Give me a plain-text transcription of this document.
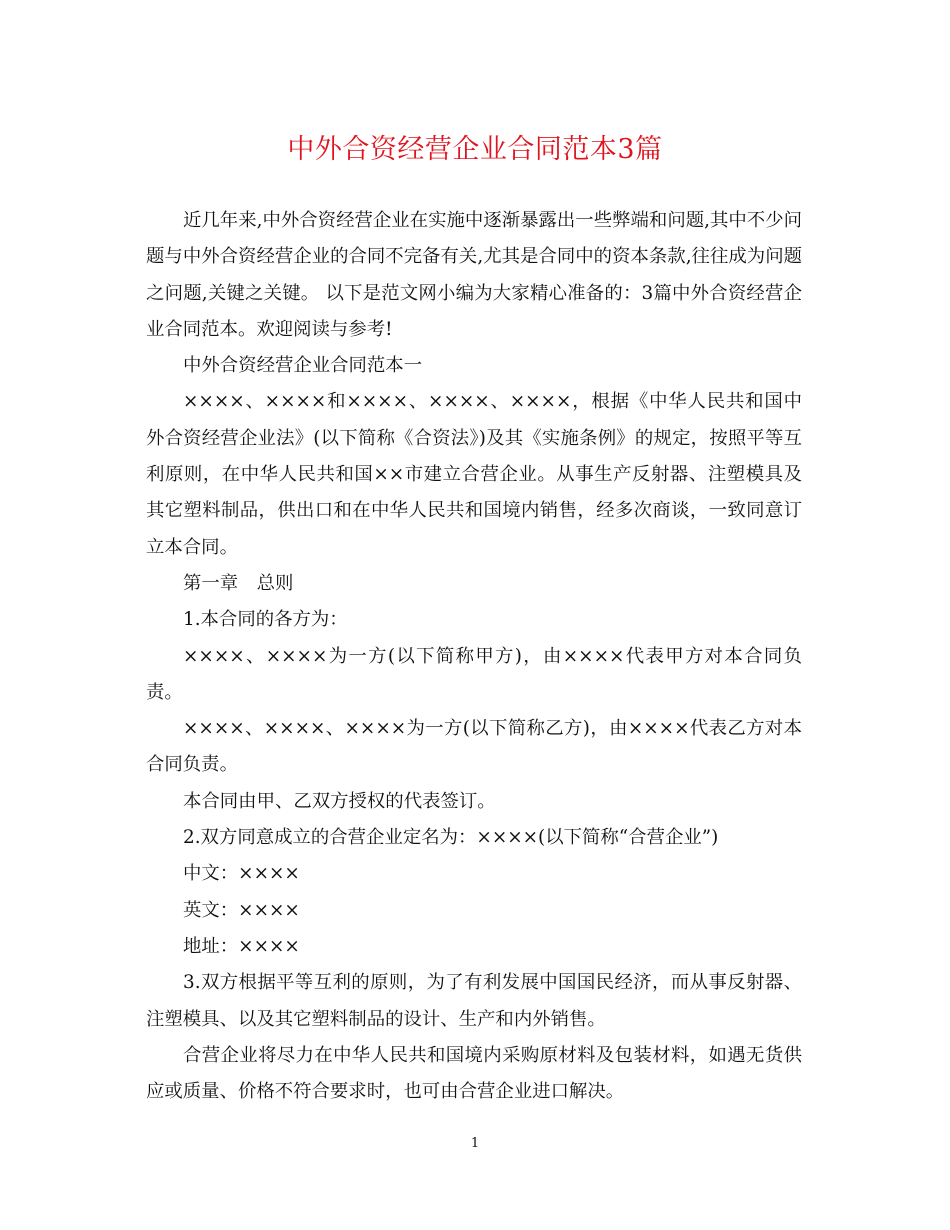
中外合资经营企业合同范本3篇

近几年来,中外合资经营企业在实施中逐渐暴露出一些弊端和问题,其中不少问题与中外合资经营企业的合同不完备有关,尤其是合同中的资本条款,往往成为问题之问题,关键之关键。 以下是范文网小编为大家精心准备的：3篇中外合资经营企业合同范本。欢迎阅读与参考!

中外合资经营企业合同范本一

××××、××××和××××、××××、××××，根据《中华人民共和国中外合资经营企业法》(以下简称《合资法》)及其《实施条例》的规定，按照平等互利原则，在中华人民共和国××市建立合营企业。从事生产反射器、注塑模具及其它塑料制品，供出口和在中华人民共和国境内销售，经多次商谈，一致同意订立本合同。

第一章　总则

1.本合同的各方为：

××××、××××为一方(以下简称甲方)，由××××代表甲方对本合同负责。

××××、××××、××××为一方(以下简称乙方)，由××××代表乙方对本合同负责。

本合同由甲、乙双方授权的代表签订。

2.双方同意成立的合营企业定名为：××××(以下简称“合营企业”)

中文：××××

英文：××××

地址：××××

3.双方根据平等互利的原则，为了有利发展中国国民经济，而从事反射器、注塑模具、以及其它塑料制品的设计、生产和内外销售。

合营企业将尽力在中华人民共和国境内采购原材料及包装材料，如遇无货供应或质量、价格不符合要求时，也可由合营企业进口解决。

1
